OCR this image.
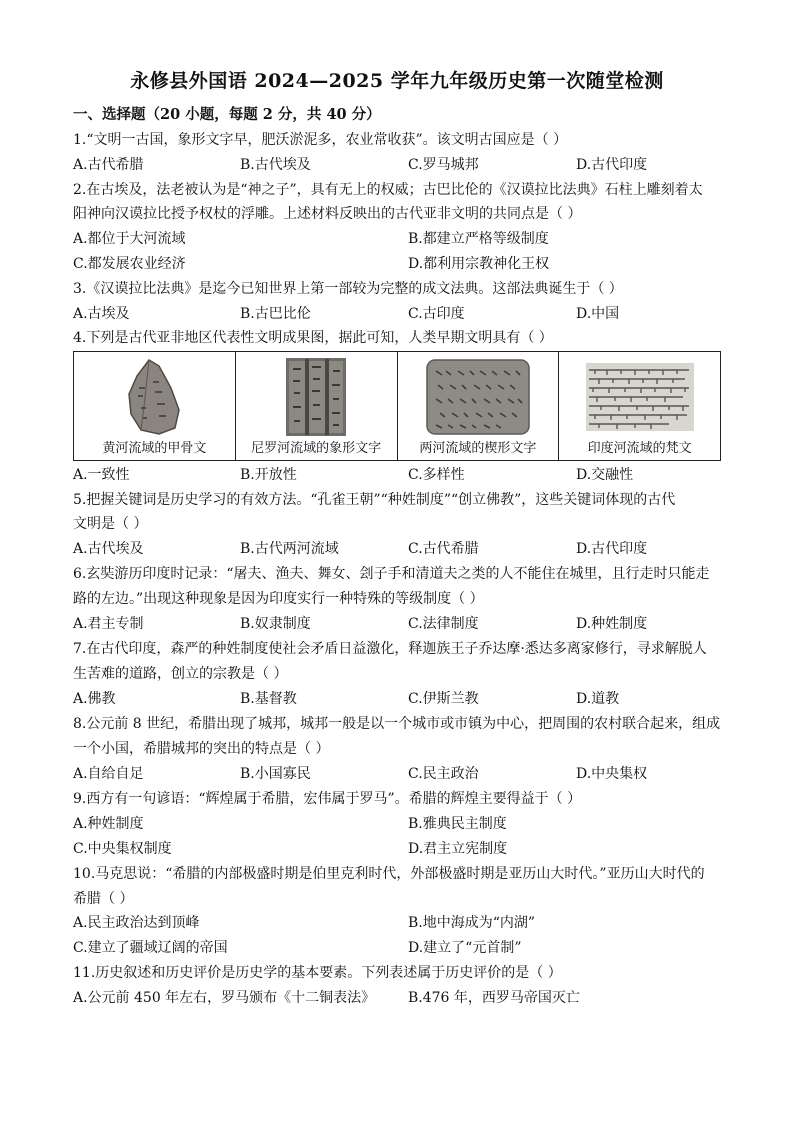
永修县外国语 2024—2025 学年九年级历史第一次随堂检测
一、选择题（20 小题，每题 2 分，共 40 分）
1.“文明一古国，象形文字早，肥沃淤泥多，农业常收获”。该文明古国应是（ ）
A.古代希腊	B.古代埃及	C.罗马城邦	D.古代印度
2.在古埃及，法老被认为是“神之子”，具有无上的权威；古巴比伦的《汉谟拉比法典》石柱上雕刻着太
阳神向汉谟拉比授予权杖的浮雕。上述材料反映出的古代亚非文明的共同点是（ ）
A.都位于大河流域	B.都建立严格等级制度
C.都发展农业经济	D.都利用宗教神化王权
3.《汉谟拉比法典》是迄今已知世界上第一部较为完整的成文法典。这部法典诞生于（ ）
A.古埃及	B.古巴比伦	C.古印度	D.中国
4.下列是古代亚非地区代表性文明成果图，据此可知，人类早期文明具有（ ）
黄河流域的甲骨文	尼罗河流域的象形文字	两河流域的楔形文字	印度河流域的梵文
A.一致性	B.开放性	C.多样性	D.交融性
5.把握关键词是历史学习的有效方法。“孔雀王朝”“种姓制度”“创立佛教”，这些关键词体现的古代
文明是（ ）
A.古代埃及	B.古代两河流域	C.古代希腊	D.古代印度
6.玄奘游历印度时记录：“屠夫、渔夫、舞女、刽子手和清道夫之类的人不能住在城里，且行走时只能走
路的左边。”出现这种现象是因为印度实行一种特殊的等级制度（ ）
A.君主专制	B.奴隶制度	C.法律制度	D.种姓制度
7.在古代印度，森严的种姓制度使社会矛盾日益激化，释迦族王子乔达摩·悉达多离家修行，寻求解脱人
生苦难的道路，创立的宗教是（ ）
A.佛教	B.基督教	C.伊斯兰教	D.道教
8.公元前 8 世纪，希腊出现了城邦，城邦一般是以一个城市或市镇为中心，把周围的农村联合起来，组成
一个小国，希腊城邦的突出的特点是（ ）
A.自给自足	B.小国寡民	C.民主政治	D.中央集权
9.西方有一句谚语：“辉煌属于希腊，宏伟属于罗马”。希腊的辉煌主要得益于（ ）
A.种姓制度	B.雅典民主制度
C.中央集权制度	D.君主立宪制度
10.马克思说：“希腊的内部极盛时期是伯里克利时代，外部极盛时期是亚历山大时代。”亚历山大时代的
希腊（ ）
A.民主政治达到顶峰	B.地中海成为“内湖”
C.建立了疆域辽阔的帝国	D.建立了“元首制”
11.历史叙述和历史评价是历史学的基本要素。下列表述属于历史评价的是（ ）
A.公元前 450 年左右，罗马颁布《十二铜表法》 B.476 年，西罗马帝国灭亡
